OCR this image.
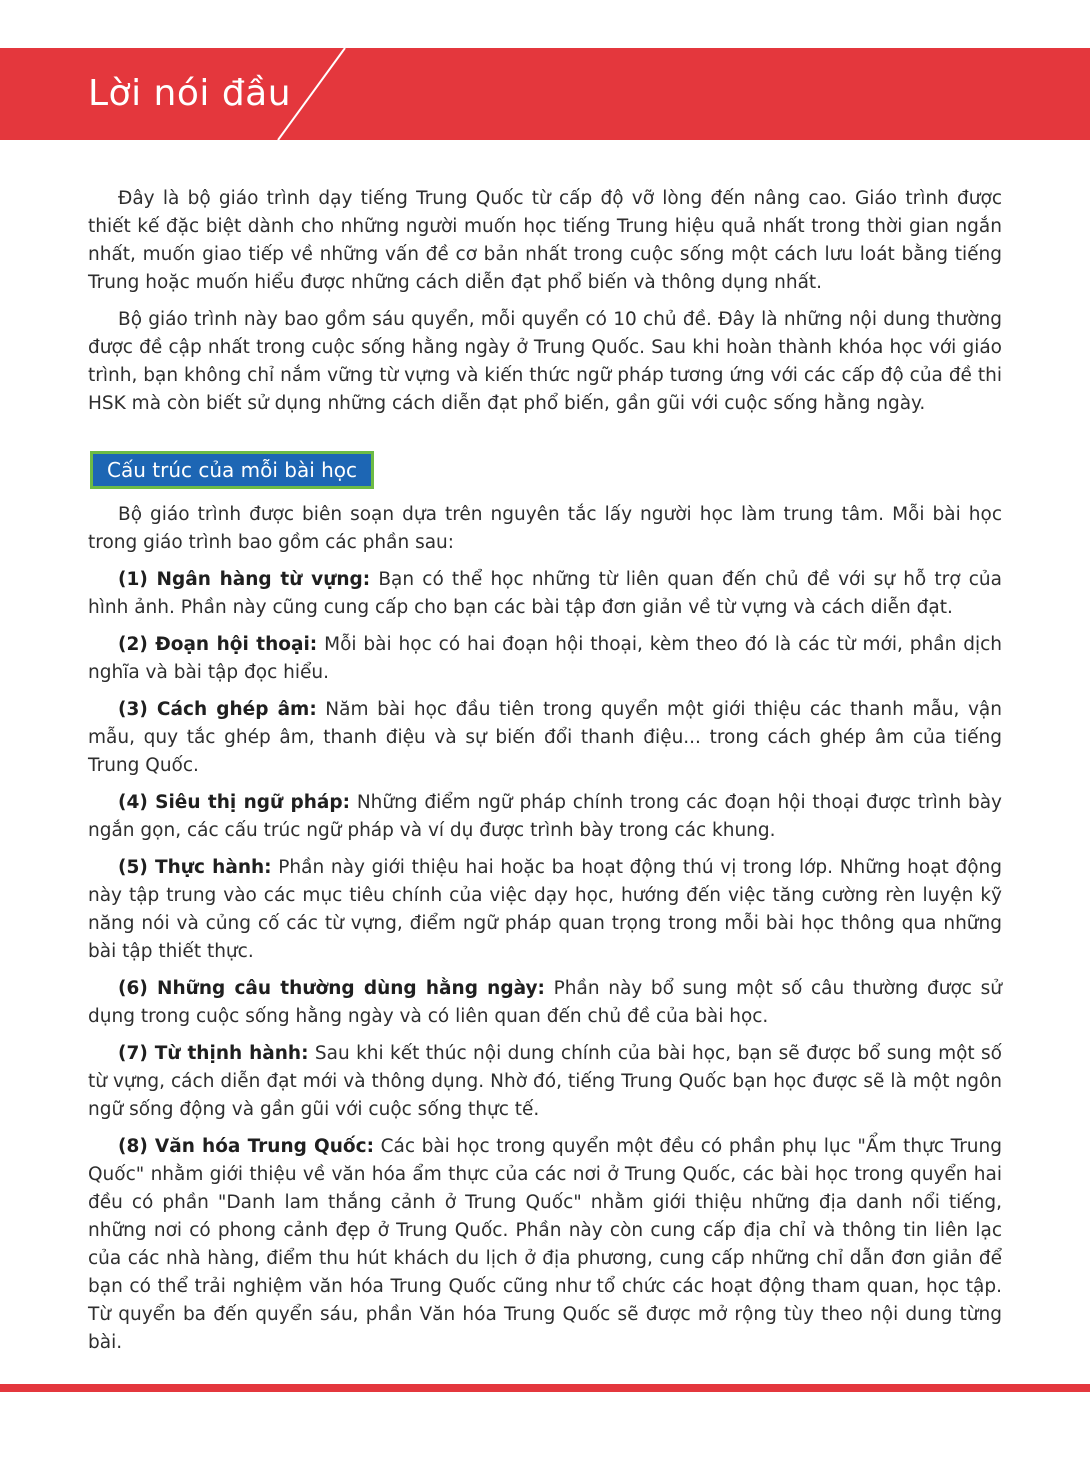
Lời nói đầu

Đây là bộ giáo trình dạy tiếng Trung Quốc từ cấp độ vỡ lòng đến nâng cao. Giáo trình được thiết kế đặc biệt dành cho những người muốn học tiếng Trung hiệu quả nhất trong thời gian ngắn nhất, muốn giao tiếp về những vấn đề cơ bản nhất trong cuộc sống một cách lưu loát bằng tiếng Trung hoặc muốn hiểu được những cách diễn đạt phổ biến và thông dụng nhất.

Bộ giáo trình này bao gồm sáu quyển, mỗi quyển có 10 chủ đề. Đây là những nội dung thường được đề cập nhất trong cuộc sống hằng ngày ở Trung Quốc. Sau khi hoàn thành khóa học với giáo trình, bạn không chỉ nắm vững từ vựng và kiến thức ngữ pháp tương ứng với các cấp độ của đề thi HSK mà còn biết sử dụng những cách diễn đạt phổ biến, gần gũi với cuộc sống hằng ngày.

Cấu trúc của mỗi bài học

Bộ giáo trình được biên soạn dựa trên nguyên tắc lấy người học làm trung tâm. Mỗi bài học trong giáo trình bao gồm các phần sau:

(1) Ngân hàng từ vựng: Bạn có thể học những từ liên quan đến chủ đề với sự hỗ trợ của hình ảnh. Phần này cũng cung cấp cho bạn các bài tập đơn giản về từ vựng và cách diễn đạt.

(2) Đoạn hội thoại: Mỗi bài học có hai đoạn hội thoại, kèm theo đó là các từ mới, phần dịch nghĩa và bài tập đọc hiểu.

(3) Cách ghép âm: Năm bài học đầu tiên trong quyển một giới thiệu các thanh mẫu, vận mẫu, quy tắc ghép âm, thanh điệu và sự biến đổi thanh điệu... trong cách ghép âm của tiếng Trung Quốc.

(4) Siêu thị ngữ pháp: Những điểm ngữ pháp chính trong các đoạn hội thoại được trình bày ngắn gọn, các cấu trúc ngữ pháp và ví dụ được trình bày trong các khung.

(5) Thực hành: Phần này giới thiệu hai hoặc ba hoạt động thú vị trong lớp. Những hoạt động này tập trung vào các mục tiêu chính của việc dạy học, hướng đến việc tăng cường rèn luyện kỹ năng nói và củng cố các từ vựng, điểm ngữ pháp quan trọng trong mỗi bài học thông qua những bài tập thiết thực.

(6) Những câu thường dùng hằng ngày: Phần này bổ sung một số câu thường được sử dụng trong cuộc sống hằng ngày và có liên quan đến chủ đề của bài học.

(7) Từ thịnh hành: Sau khi kết thúc nội dung chính của bài học, bạn sẽ được bổ sung một số từ vựng, cách diễn đạt mới và thông dụng. Nhờ đó, tiếng Trung Quốc bạn học được sẽ là một ngôn ngữ sống động và gần gũi với cuộc sống thực tế.

(8) Văn hóa Trung Quốc: Các bài học trong quyển một đều có phần phụ lục "Ẩm thực Trung Quốc" nhằm giới thiệu về văn hóa ẩm thực của các nơi ở Trung Quốc, các bài học trong quyển hai đều có phần "Danh lam thắng cảnh ở Trung Quốc" nhằm giới thiệu những địa danh nổi tiếng, những nơi có phong cảnh đẹp ở Trung Quốc. Phần này còn cung cấp địa chỉ và thông tin liên lạc của các nhà hàng, điểm thu hút khách du lịch ở địa phương, cung cấp những chỉ dẫn đơn giản để bạn có thể trải nghiệm văn hóa Trung Quốc cũng như tổ chức các hoạt động tham quan, học tập. Từ quyển ba đến quyển sáu, phần Văn hóa Trung Quốc sẽ được mở rộng tùy theo nội dung từng bài.
